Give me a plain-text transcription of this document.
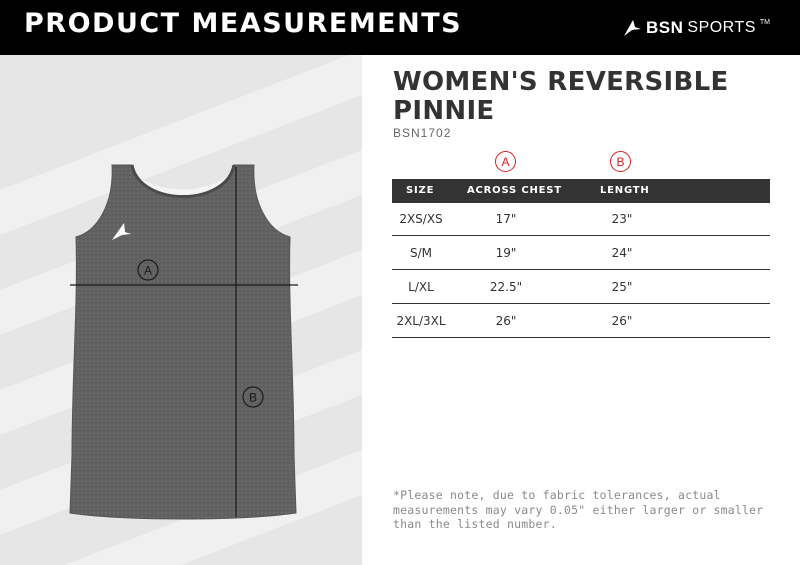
PRODUCT MEASUREMENTS	BSN SPORTS TM
A
B
WOMEN'S REVERSIBLE PINNIE
BSN1702
A	B
SIZE	ACROSS CHEST	LENGTH
2XS/XS	17"	23"
S/M	19"	24"
L/XL	22.5"	25"
2XL/3XL	26"	26"
*Please note, due to fabric tolerances, actual measurements may vary 0.05" either larger or smaller than the listed number.
